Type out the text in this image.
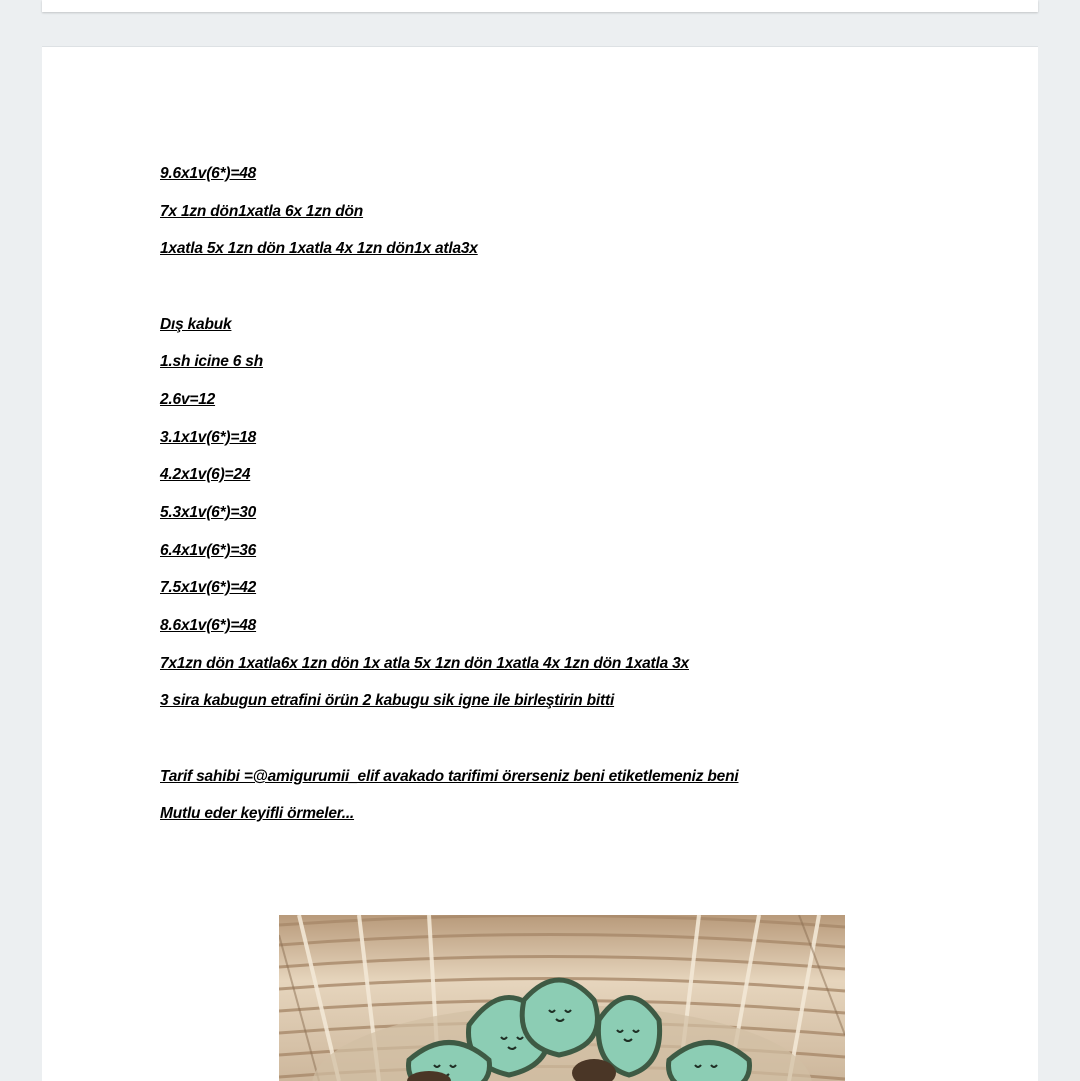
9.6x1v(6*)=48
7x 1zn dön1xatla 6x 1zn dön
1xatla 5x 1zn dön 1xatla 4x 1zn dön1x atla3x
Dış kabuk
1.sh icine 6 sh
2.6v=12
3.1x1v(6*)=18
4.2x1v(6)=24
5.3x1v(6*)=30
6.4x1v(6*)=36
7.5x1v(6*)=42
8.6x1v(6*)=48
7x1zn dön 1xatla6x 1zn dön 1x atla 5x 1zn dön 1xatla 4x 1zn dön 1xatla 3x
3 sira kabugun etrafini örün 2 kabugu sik igne ile birleştirin bitti
Tarif sahibi =@amigurumii_elif avakado tarifimi örerseniz beni etiketlemeniz beni
Mutlu eder keyifli örmeler...
